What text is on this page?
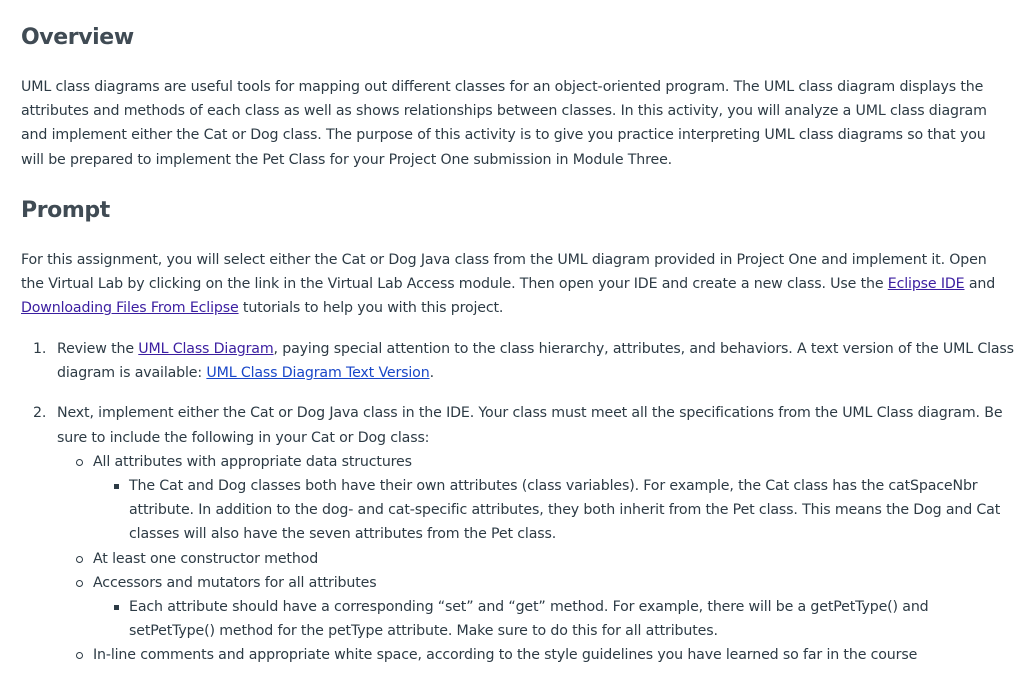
Overview

UML class diagrams are useful tools for mapping out different classes for an object-oriented program. The UML class diagram displays the attributes and methods of each class as well as shows relationships between classes. In this activity, you will analyze a UML class diagram and implement either the Cat or Dog class. The purpose of this activity is to give you practice interpreting UML class diagrams so that you will be prepared to implement the Pet Class for your Project One submission in Module Three.

Prompt

For this assignment, you will select either the Cat or Dog Java class from the UML diagram provided in Project One and implement it. Open the Virtual Lab by clicking on the link in the Virtual Lab Access module. Then open your IDE and create a new class. Use the Eclipse IDE and Downloading Files From Eclipse tutorials to help you with this project.

1. Review the UML Class Diagram, paying special attention to the class hierarchy, attributes, and behaviors. A text version of the UML Class diagram is available: UML Class Diagram Text Version.
2. Next, implement either the Cat or Dog Java class in the IDE. Your class must meet all the specifications from the UML Class diagram. Be sure to include the following in your Cat or Dog class:
All attributes with appropriate data structures
The Cat and Dog classes both have their own attributes (class variables). For example, the Cat class has the catSpaceNbr attribute. In addition to the dog- and cat-specific attributes, they both inherit from the Pet class. This means the Dog and Cat classes will also have the seven attributes from the Pet class.
At least one constructor method
Accessors and mutators for all attributes
Each attribute should have a corresponding “set” and “get” method. For example, there will be a getPetType() and setPetType() method for the petType attribute. Make sure to do this for all attributes.
In-line comments and appropriate white space, according to the style guidelines you have learned so far in the course
